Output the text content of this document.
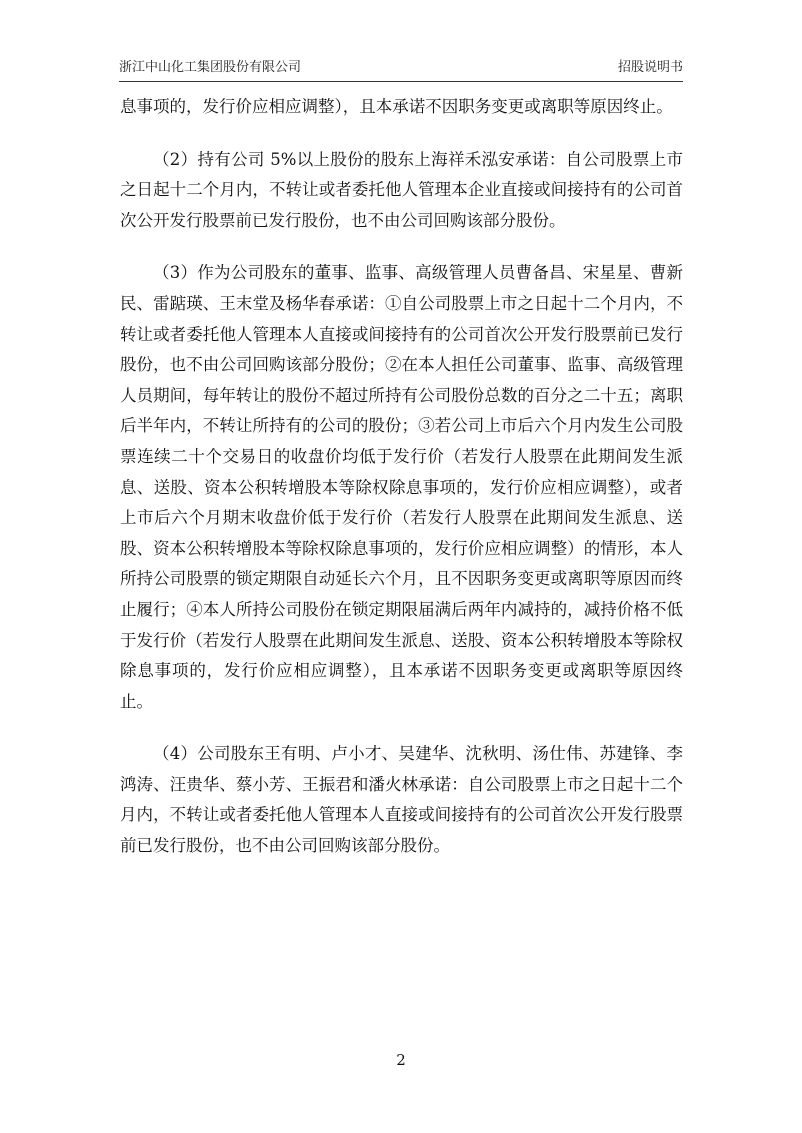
浙江中山化工集团股份有限公司	招股说明书

息事项的，发行价应相应调整），且本承诺不因职务变更或离职等原因终止。

（2）持有公司 5%以上股份的股东上海祥禾泓安承诺：自公司股票上市之日起十二个月内，不转让或者委托他人管理本企业直接或间接持有的公司首次公开发行股票前已发行股份，也不由公司回购该部分股份。

（3）作为公司股东的董事、监事、高级管理人员曹备昌、宋星星、曹新民、雷踮瑛、王末堂及杨华春承诺：①自公司股票上市之日起十二个月内，不转让或者委托他人管理本人直接或间接持有的公司首次公开发行股票前已发行股份，也不由公司回购该部分股份；②在本人担任公司董事、监事、高级管理人员期间，每年转让的股份不超过所持有公司股份总数的百分之二十五；离职后半年内，不转让所持有的公司的股份；③若公司上市后六个月内发生公司股票连续二十个交易日的收盘价均低于发行价（若发行人股票在此期间发生派息、送股、资本公积转增股本等除权除息事项的，发行价应相应调整），或者上市后六个月期末收盘价低于发行价（若发行人股票在此期间发生派息、送股、资本公积转增股本等除权除息事项的，发行价应相应调整）的情形，本人所持公司股票的锁定期限自动延长六个月，且不因职务变更或离职等原因而终止履行；④本人所持公司股份在锁定期限届满后两年内减持的，减持价格不低于发行价（若发行人股票在此期间发生派息、送股、资本公积转增股本等除权除息事项的，发行价应相应调整），且本承诺不因职务变更或离职等原因终止。

（4）公司股东王有明、卢小才、吴建华、沈秋明、汤仕伟、苏建锋、李鸿涛、汪贵华、蔡小芳、王振君和潘火林承诺：自公司股票上市之日起十二个月内，不转让或者委托他人管理本人直接或间接持有的公司首次公开发行股票前已发行股份，也不由公司回购该部分股份。

2
